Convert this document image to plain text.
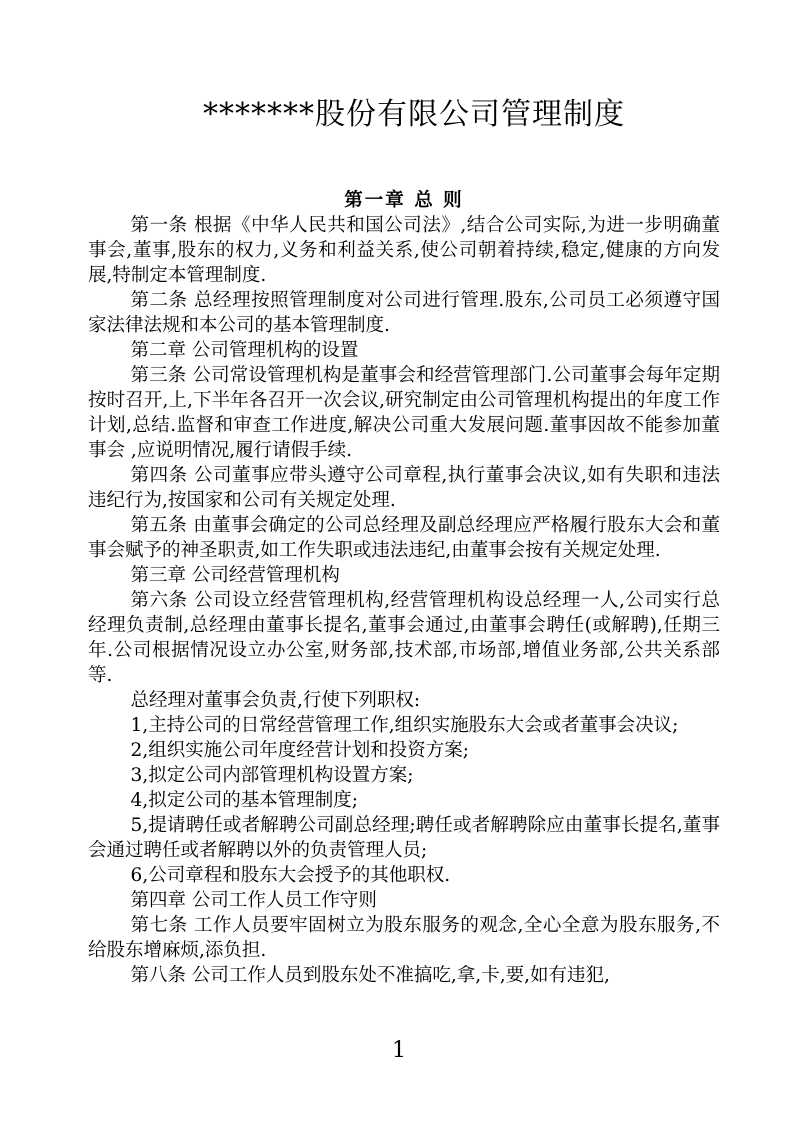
*******股份有限公司管理制度

第一章 总 则

第一条 根据《中华人民共和国公司法》,结合公司实际,为进一步明确董事会,董事,股东的权力,义务和利益关系,使公司朝着持续,稳定,健康的方向发展,特制定本管理制度.

第二条 总经理按照管理制度对公司进行管理.股东,公司员工必须遵守国家法律法规和本公司的基本管理制度.

第二章 公司管理机构的设置

第三条 公司常设管理机构是董事会和经营管理部门.公司董事会每年定期按时召开,上,下半年各召开一次会议,研究制定由公司管理机构提出的年度工作计划,总结.监督和审查工作进度,解决公司重大发展问题.董事因故不能参加董事会 ,应说明情况,履行请假手续.

第四条 公司董事应带头遵守公司章程,执行董事会决议,如有失职和违法违纪行为,按国家和公司有关规定处理.

第五条 由董事会确定的公司总经理及副总经理应严格履行股东大会和董事会赋予的神圣职责,如工作失职或违法违纪,由董事会按有关规定处理.

第三章 公司经营管理机构

第六条 公司设立经营管理机构,经营管理机构设总经理一人,公司实行总经理负责制,总经理由董事长提名,董事会通过,由董事会聘任(或解聘),任期三年.公司根据情况设立办公室,财务部,技术部,市场部,增值业务部,公共关系部等.

总经理对董事会负责,行使下列职权:

1,主持公司的日常经营管理工作,组织实施股东大会或者董事会决议;

2,组织实施公司年度经营计划和投资方案;

3,拟定公司内部管理机构设置方案;

4,拟定公司的基本管理制度;

5,提请聘任或者解聘公司副总经理;聘任或者解聘除应由董事长提名,董事会通过聘任或者解聘以外的负责管理人员;

6,公司章程和股东大会授予的其他职权.

第四章 公司工作人员工作守则

第七条 工作人员要牢固树立为股东服务的观念,全心全意为股东服务,不给股东增麻烦,添负担.

第八条 公司工作人员到股东处不准搞吃,拿,卡,要,如有违犯,

1
